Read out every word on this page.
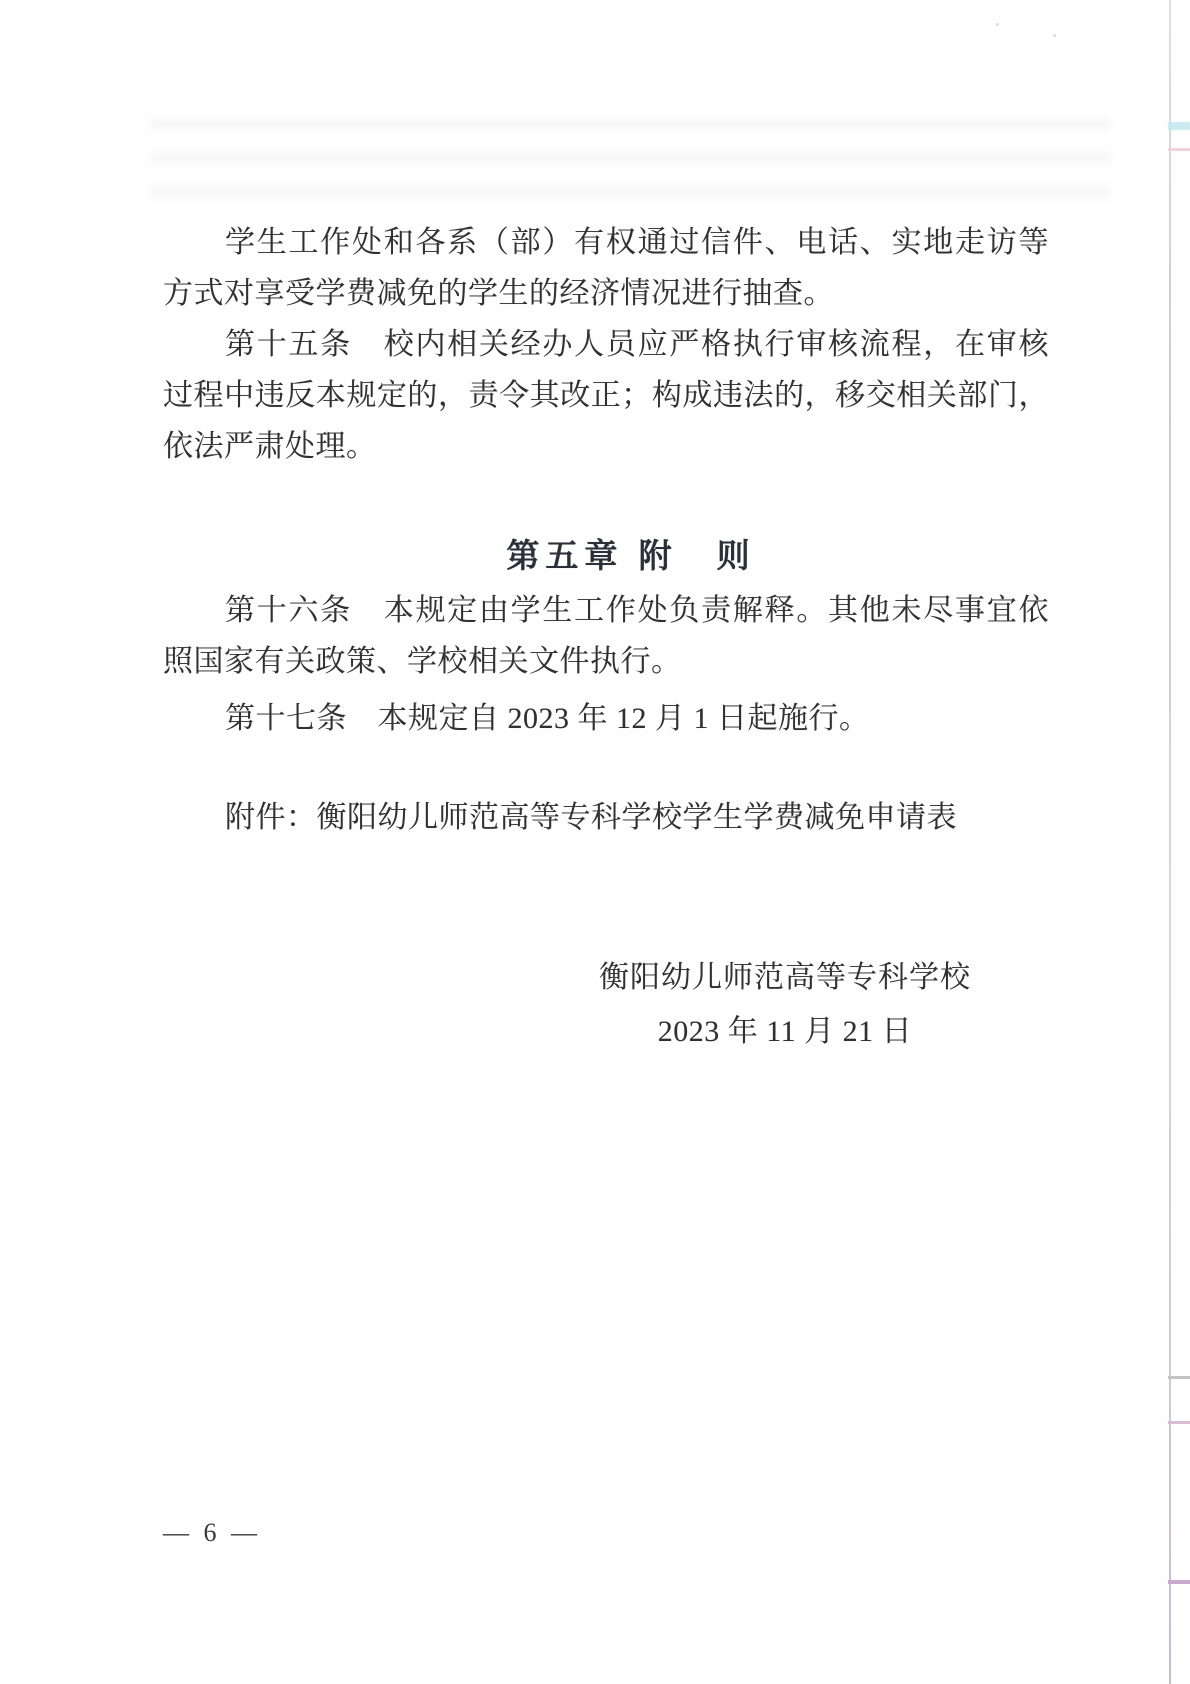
学生工作处和各系（部）有权通过信件、电话、实地走访等
方式对享受学费减免的学生的经济情况进行抽查。
第十五条　校内相关经办人员应严格执行审核流程，在审核
过程中违反本规定的，责令其改正；构成违法的，移交相关部门，
依法严肃处理。
第五章 附　则
第十六条　本规定由学生工作处负责解释。其他未尽事宜依
照国家有关政策、学校相关文件执行。
第十七条　本规定自 2023 年 12 月 1 日起施行。
附件：衡阳幼儿师范高等专科学校学生学费减免申请表
衡阳幼儿师范高等专科学校
2023 年 11 月 21 日
— 6 —
